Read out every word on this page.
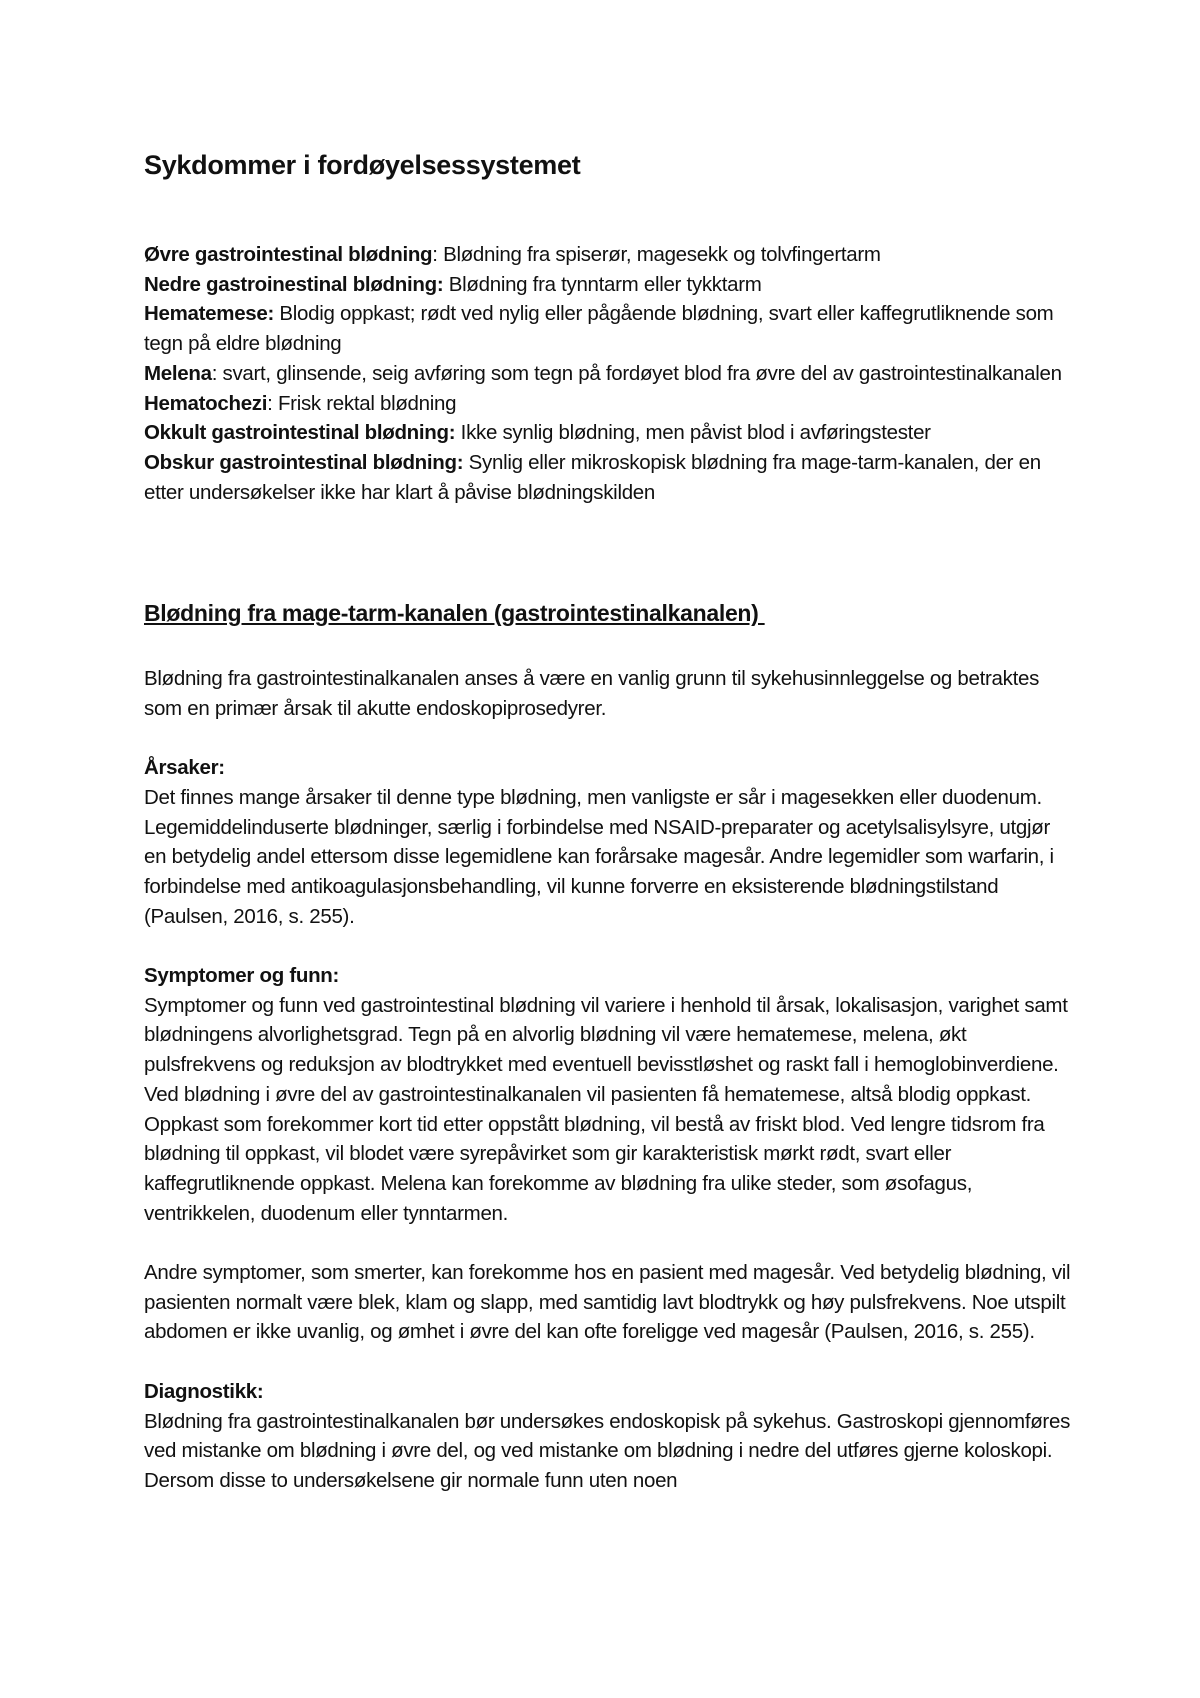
Sykdommer i fordøyelsessystemet
Øvre gastrointestinal blødning: Blødning fra spiserør, magesekk og tolvfingertarm
Nedre gastroinestinal blødning: Blødning fra tynntarm eller tykktarm
Hematemese: Blodig oppkast; rødt ved nylig eller pågående blødning, svart eller kaffegrutliknende som tegn på eldre blødning
Melena: svart, glinsende, seig avføring som tegn på fordøyet blod fra øvre del av gastrointestinalkanalen
Hematochezi: Frisk rektal blødning
Okkult gastrointestinal blødning: Ikke synlig blødning, men påvist blod i avføringstester
Obskur gastrointestinal blødning: Synlig eller mikroskopisk blødning fra mage-tarm-kanalen, der en etter undersøkelser ikke har klart å påvise blødningskilden
Blødning fra mage-tarm-kanalen (gastrointestinalkanalen)

Blødning fra gastrointestinalkanalen anses å være en vanlig grunn til sykehusinnleggelse og betraktes som en primær årsak til akutte endoskopiprosedyrer.

Årsaker:

Det finnes mange årsaker til denne type blødning, men vanligste er sår i magesekken eller duodenum. Legemiddelinduserte blødninger, særlig i forbindelse med NSAID-preparater og acetylsalisylsyre, utgjør en betydelig andel ettersom disse legemidlene kan forårsake magesår. Andre legemidler som warfarin, i forbindelse med antikoagulasjonsbehandling, vil kunne forverre en eksisterende blødningstilstand (Paulsen, 2016, s. 255).

Symptomer og funn:

Symptomer og funn ved gastrointestinal blødning vil variere i henhold til årsak, lokalisasjon, varighet samt blødningens alvorlighetsgrad. Tegn på en alvorlig blødning vil være hematemese, melena, økt pulsfrekvens og reduksjon av blodtrykket med eventuell bevisstløshet og raskt fall i hemoglobinverdiene. Ved blødning i øvre del av gastrointestinalkanalen vil pasienten få hematemese, altså blodig oppkast. Oppkast som forekommer kort tid etter oppstått blødning, vil bestå av friskt blod. Ved lengre tidsrom fra blødning til oppkast, vil blodet være syrepåvirket som gir karakteristisk mørkt rødt, svart eller kaffegrutliknende oppkast. Melena kan forekomme av blødning fra ulike steder, som øsofagus, ventrikkelen, duodenum eller tynntarmen.

Andre symptomer, som smerter, kan forekomme hos en pasient med magesår. Ved betydelig blødning, vil pasienten normalt være blek, klam og slapp, med samtidig lavt blodtrykk og høy pulsfrekvens. Noe utspilt abdomen er ikke uvanlig, og ømhet i øvre del kan ofte foreligge ved magesår (Paulsen, 2016, s. 255).

Diagnostikk:

Blødning fra gastrointestinalkanalen bør undersøkes endoskopisk på sykehus. Gastroskopi gjennomføres ved mistanke om blødning i øvre del, og ved mistanke om blødning i nedre del utføres gjerne koloskopi. Dersom disse to undersøkelsene gir normale funn uten noen
